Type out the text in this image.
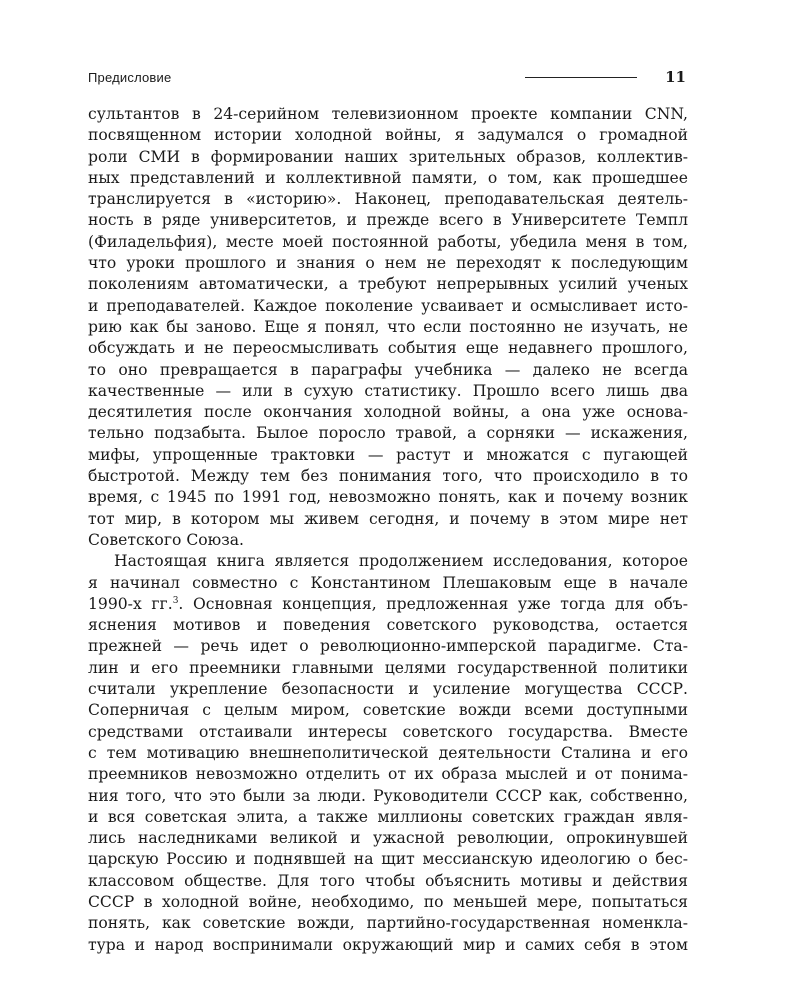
Предисловие	11
сультантов в 24-серийном телевизионном проекте компании CNN,
посвященном истории холодной войны, я задумался о громадной
роли СМИ в формировании наших зрительных образов, коллектив-
ных представлений и коллективной памяти, о том, как прошедшее
транслируется в «историю». Наконец, преподавательская деятель-
ность в ряде университетов, и прежде всего в Университете Темпл
(Филадельфия), месте моей постоянной работы, убедила меня в том,
что уроки прошлого и знания о нем не переходят к последующим
поколениям автоматически, а требуют непрерывных усилий ученых
и преподавателей. Каждое поколение усваивает и осмысливает исто-
рию как бы заново. Еще я понял, что если постоянно не изучать, не
обсуждать и не переосмысливать события еще недавнего прошлого,
то оно превращается в параграфы учебника — далеко не всегда
качественные — или в сухую статистику. Прошло всего лишь два
десятилетия после окончания холодной войны, а она уже основа-
тельно подзабыта. Былое поросло травой, а сорняки — искажения,
мифы, упрощенные трактовки — растут и множатся с пугающей
быстротой. Между тем без понимания того, что происходило в то
время, с 1945 по 1991 год, невозможно понять, как и почему возник
тот мир, в котором мы живем сегодня, и почему в этом мире нет
Советского Союза.
Настоящая книга является продолжением исследования, которое
я начинал совместно с Константином Плешаковым еще в начале
1990-х гг.$^3$. Основная концепция, предложенная уже тогда для объ-
яснения мотивов и поведения советского руководства, остается
прежней — речь идет о революционно-имперской парадигме. Ста-
лин и его преемники главными целями государственной политики
считали укрепление безопасности и усиление могущества СССР.
Соперничая с целым миром, советские вожди всеми доступными
средствами отстаивали интересы советского государства. Вместе
с тем мотивацию внешнеполитической деятельности Сталина и его
преемников невозможно отделить от их образа мыслей и от понима-
ния того, что это были за люди. Руководители СССР как, собственно,
и вся советская элита, а также миллионы советских граждан явля-
лись наследниками великой и ужасной революции, опрокинувшей
царскую Россию и поднявшей на щит мессианскую идеологию о бес-
классовом обществе. Для того чтобы объяснить мотивы и действия
СССР в холодной войне, необходимо, по меньшей мере, попытаться
понять, как советские вожди, партийно-государственная номенкла-
тура и народ воспринимали окружающий мир и самих себя в этом
